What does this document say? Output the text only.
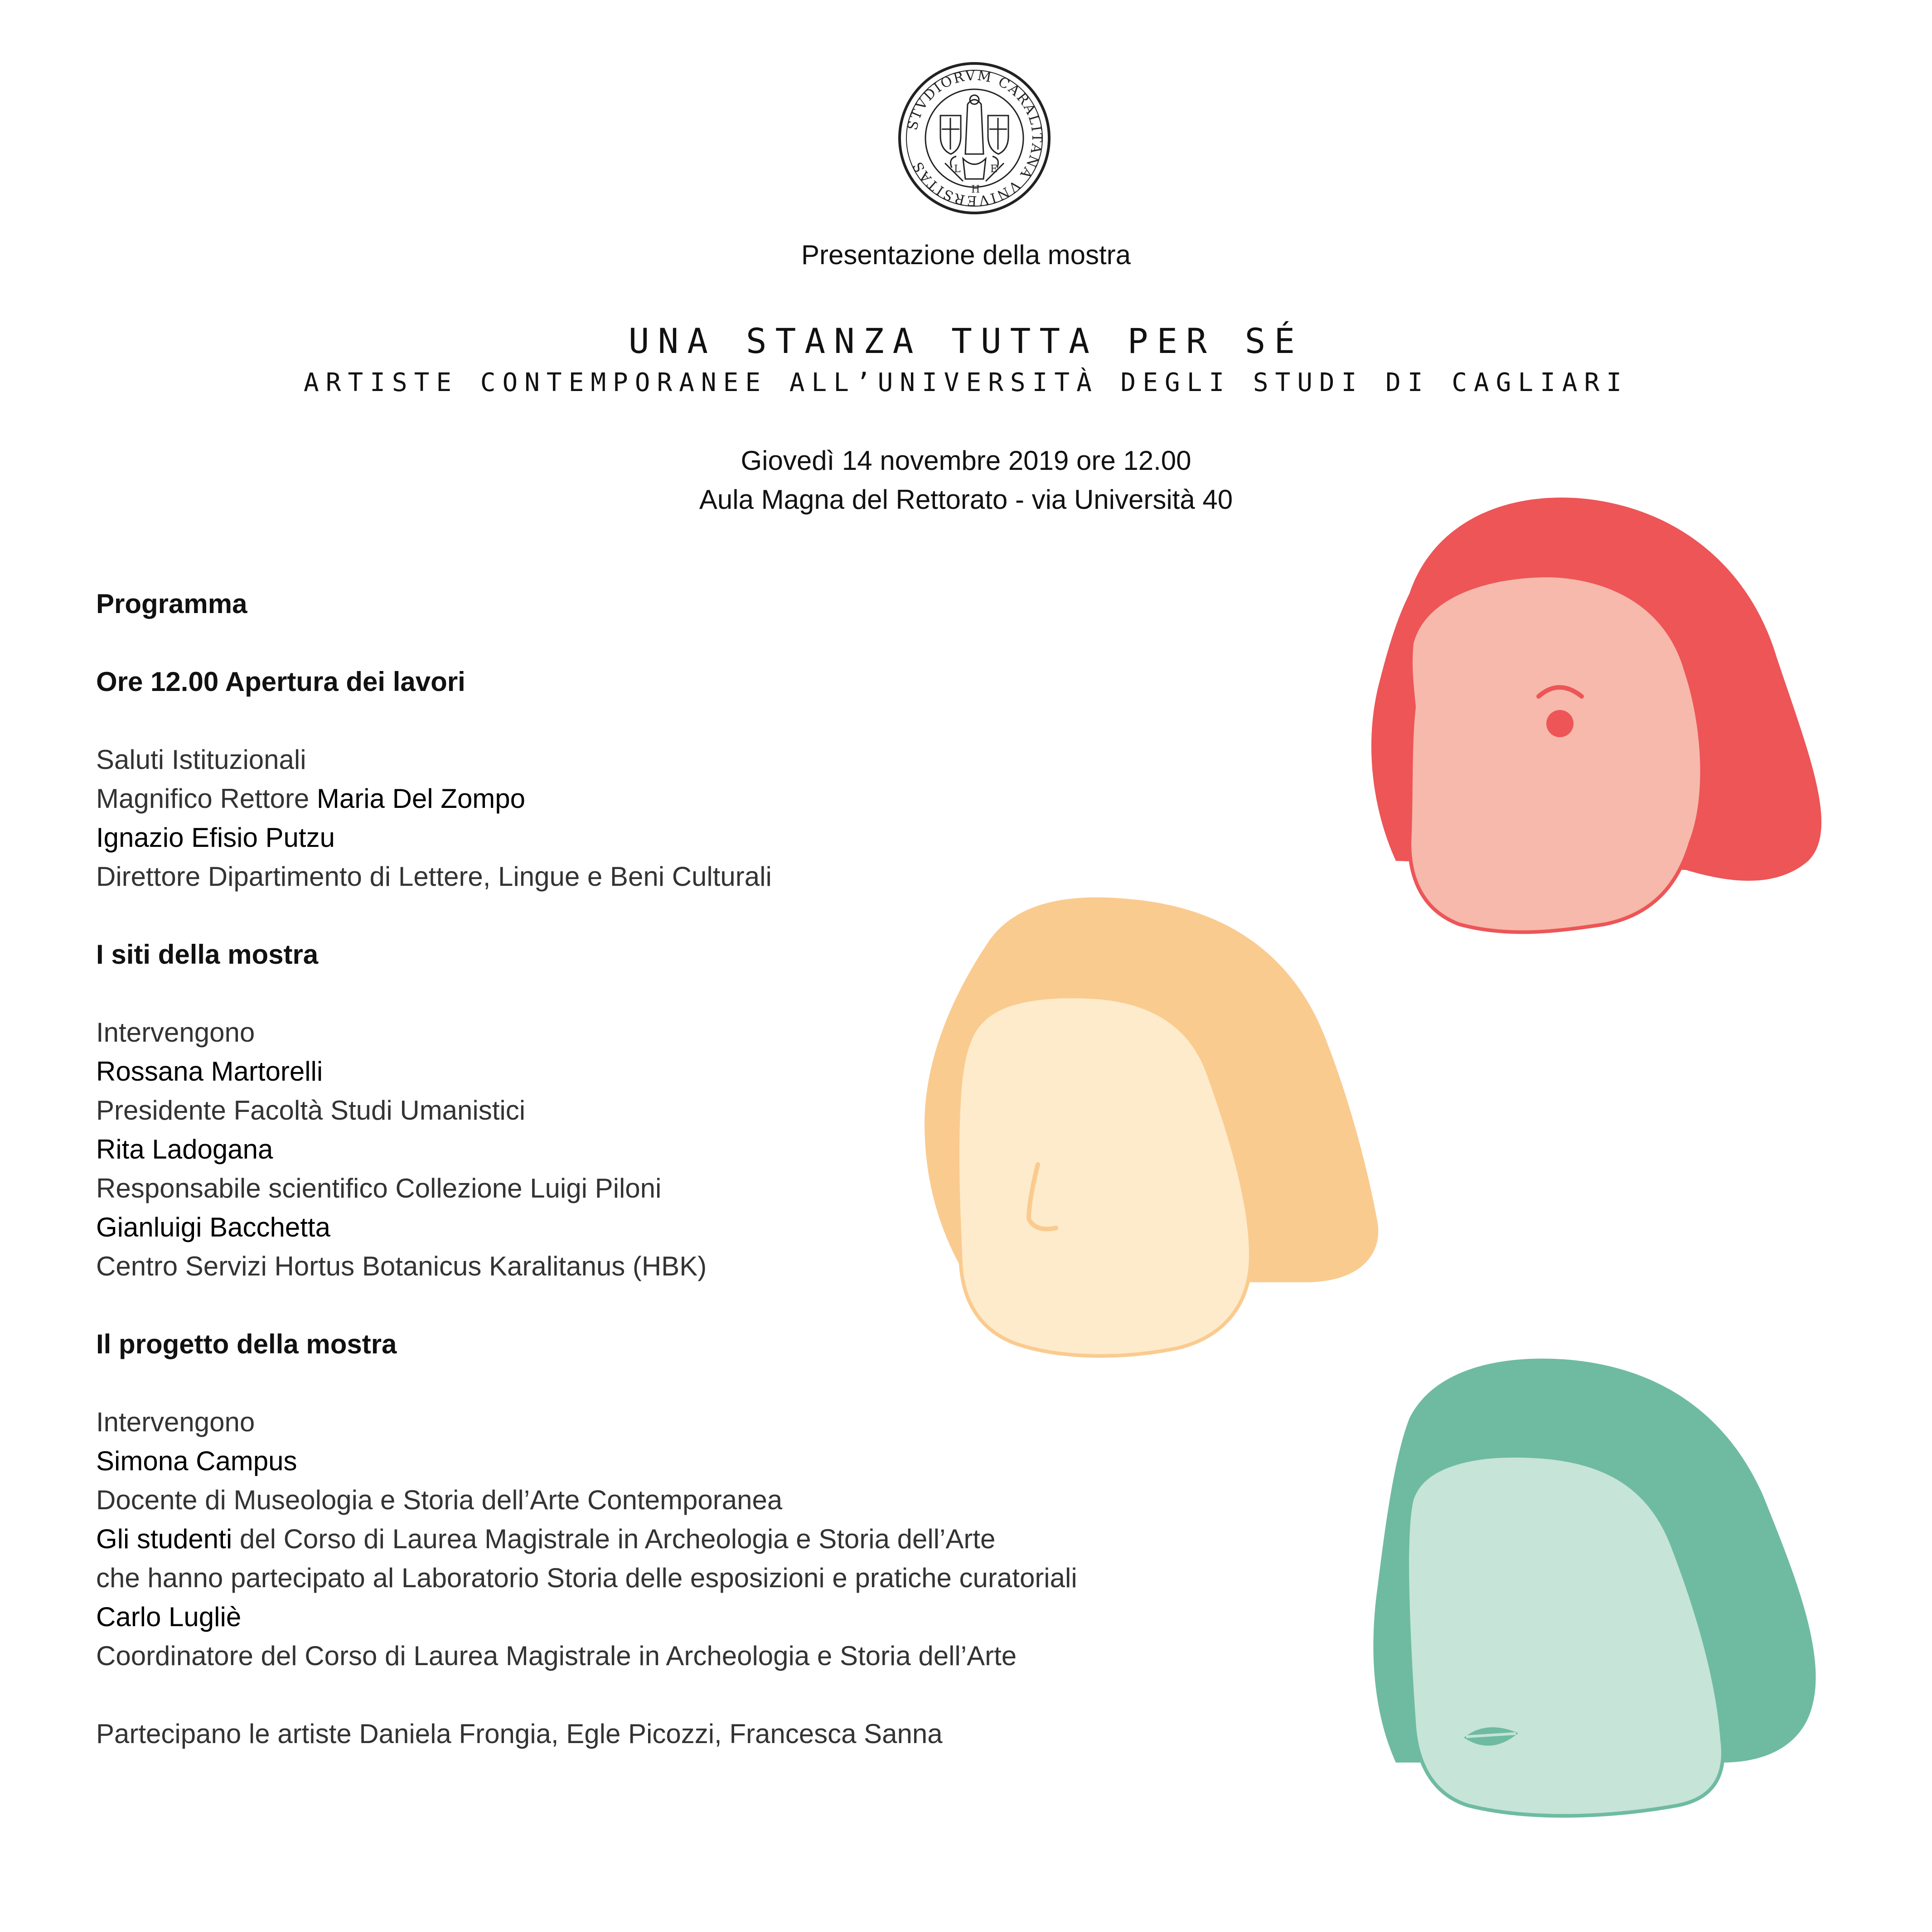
STVDIORVM CARALITANA VNIVERSITAS	L
H
E
Presentazione della mostra
UNA STANZA TUTTA PER SÉ
ARTISTE CONTEMPORANEE ALL’UNIVERSITÀ DEGLI STUDI DI CAGLIARI
Giovedì 14 novembre 2019 ore 12.00
Aula Magna del Rettorato - via Università 40
Programma
Ore 12.00 Apertura dei lavori
Saluti Istituzionali
Magnifico Rettore Maria Del Zompo
Ignazio Efisio Putzu
Direttore Dipartimento di Lettere, Lingue e Beni Culturali
I siti della mostra
Intervengono
Rossana Martorelli
Presidente Facoltà Studi Umanistici
Rita Ladogana
Responsabile scientifico Collezione Luigi Piloni
Gianluigi Bacchetta
Centro Servizi Hortus Botanicus Karalitanus (HBK)
Il progetto della mostra
Intervengono
Simona Campus
Docente di Museologia e Storia dell’Arte Contemporanea
Gli studenti del Corso di Laurea Magistrale in Archeologia e Storia dell’Arte
che hanno partecipato al Laboratorio Storia delle esposizioni e pratiche curatoriali
Carlo Lugliè
Coordinatore del Corso di Laurea Magistrale in Archeologia e Storia dell’Arte
Partecipano le artiste Daniela Frongia, Egle Picozzi, Francesca Sanna
